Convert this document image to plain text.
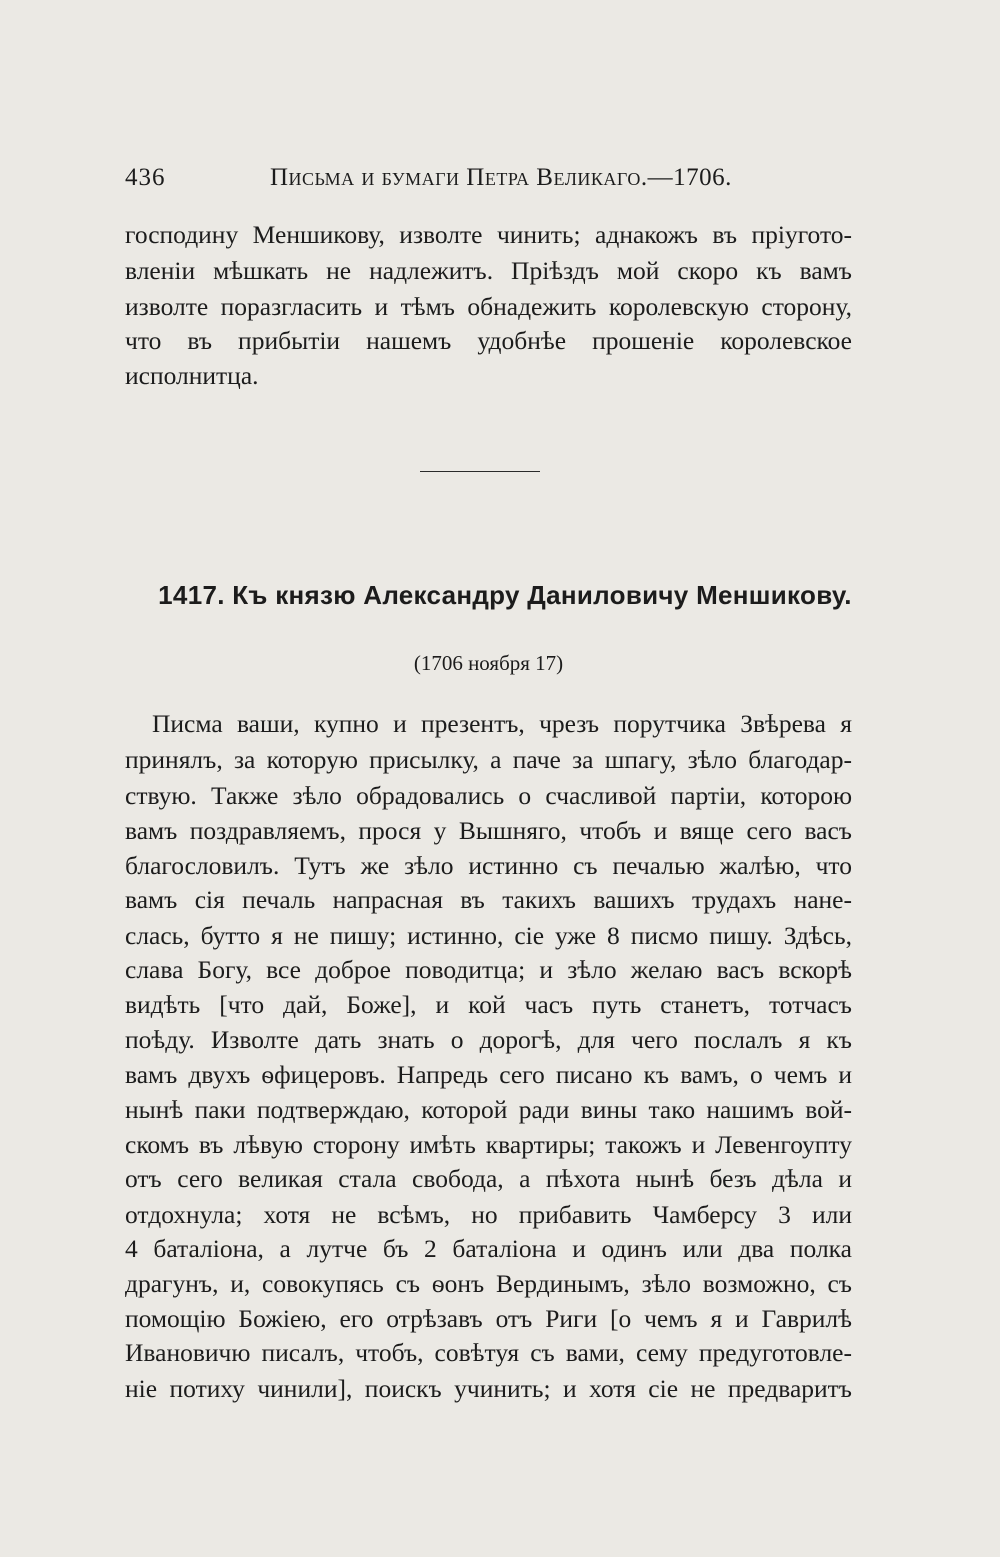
436	Письма и бумаги Петра Великаго.—1706.
господину Меншикову, изволте чинить; аднакожъ въ пріугото-
вленіи мѣшкать не надлежитъ. Пріѣздъ мой скоро къ вамъ
изволте поразгласить и тѣмъ обнадежить королевскую сторону,
что въ прибытіи нашемъ удобнѣе прошеніе королевское
исполнитца.
1417. Къ князю Александру Даниловичу Меншикову.
(1706 ноября 17)
Писма ваши, купно и презентъ, чрезъ порутчика Звѣрева я
принялъ, за которую присылку, а паче за шпагу, зѣло благодар-
ствую. Также зѣло обрадовались о счасливой партіи, которою
вамъ поздравляемъ, прося у Вышняго, чтобъ и вяще сего васъ
благословилъ. Тутъ же зѣло истинно съ печалью жалѣю, что
вамъ сія печаль напрасная въ такихъ вашихъ трудахъ нане-
слась, бутто я не пишу; истинно, сіе уже 8 писмо пишу. Здѣсь,
слава Богу, все доброе поводитца; и зѣло желаю васъ вскорѣ
видѣть [что дай, Боже], и кой часъ путь станетъ, тотчасъ
поѣду. Изволте дать знать о дорогѣ, для чего послалъ я къ
вамъ двухъ ѳфицеровъ. Напредь сего писано къ вамъ, о чемъ и
нынѣ паки подтверждаю, которой ради вины тако нашимъ вой-
скомъ въ лѣвую сторону имѣть квартиры; такожъ и Левенгоупту
отъ сего великая стала свобода, а пѣхота нынѣ безъ дѣла и
отдохнула; хотя не всѣмъ, но прибавить Чамберсу 3 или
4 баталіона, а лутче бъ 2 баталіона и одинъ или два полка
драгунъ, и, совокупясь съ ѳонъ Вердинымъ, зѣло возможно, съ
помощію Божіею, его отрѣзавъ отъ Риги [о чемъ я и Гаврилѣ
Ивановичю писалъ, чтобъ, совѣтуя съ вами, сему предуготовле-
ніе потиху чинили], поискъ учинить; и хотя сіе не предваритъ
